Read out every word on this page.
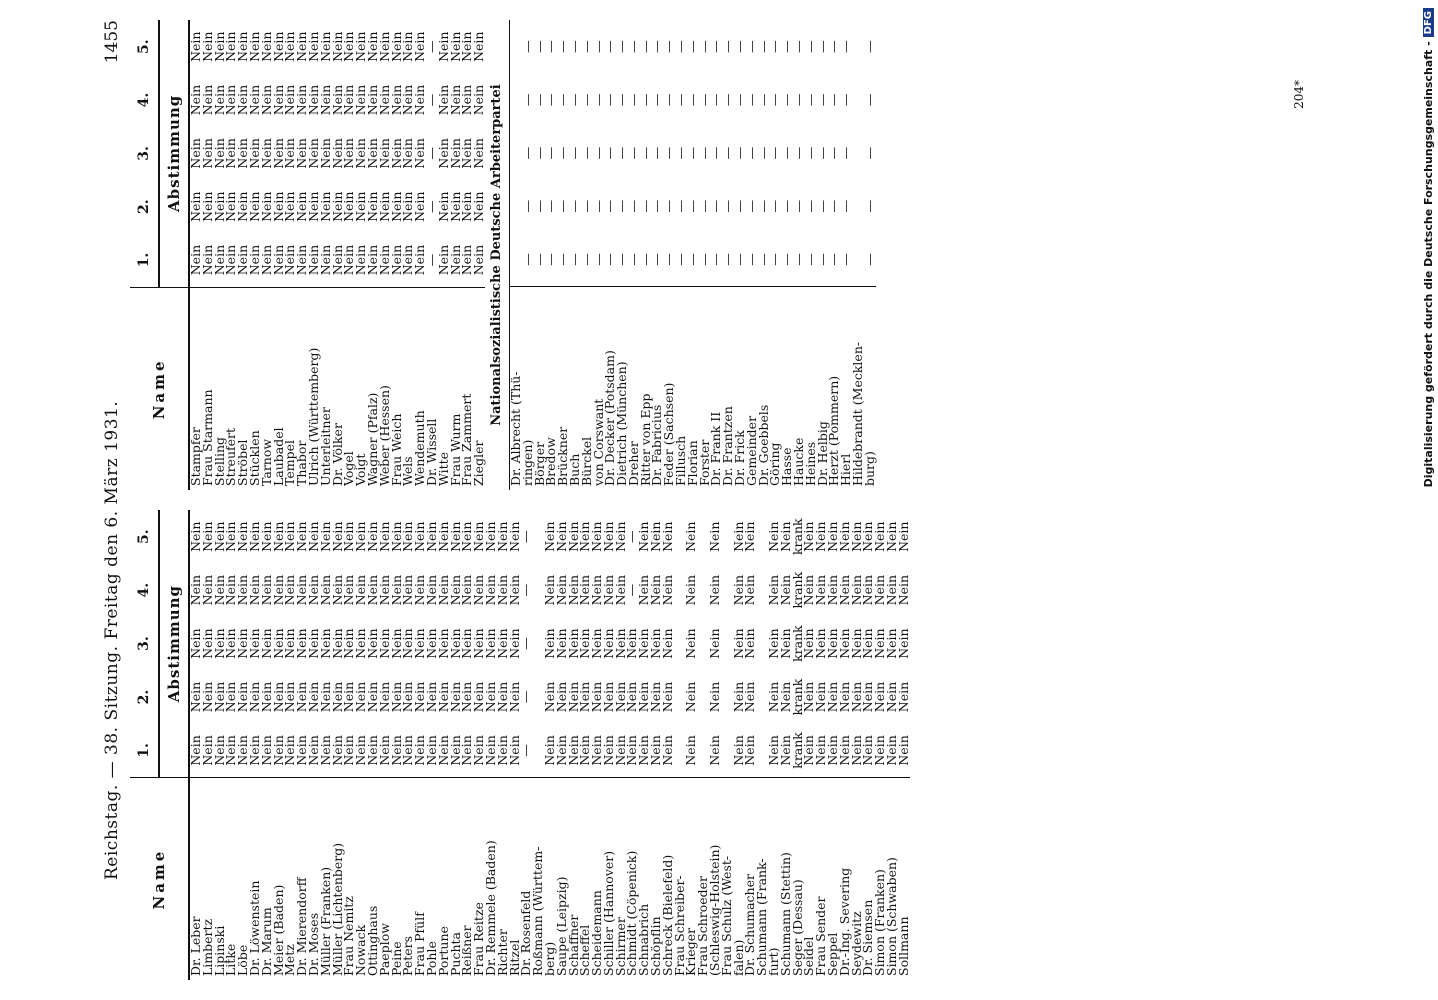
Reichstag. — 38. Sitzung. Freitag den 6. März 1931.
1455
Name	1.	2.	3.	4.	5.
	Abstimmung				
Dr. Leber	Nein	Nein	Nein	Nein	Nein
Limbertz	Nein	Nein	Nein	Nein	Nein
Lipinski	Nein	Nein	Nein	Nein	Nein
Litke	Nein	Nein	Nein	Nein	Nein
Löbe	Nein	Nein	Nein	Nein	Nein
Dr. Löwenstein	Nein	Nein	Nein	Nein	Nein
Dr. Marum	Nein	Nein	Nein	Nein	Nein
Meier (Baden)	Nein	Nein	Nein	Nein	Nein
Metz	Nein	Nein	Nein	Nein	Nein
Dr. Mierendorff	Nein	Nein	Nein	Nein	Nein
Dr. Moses	Nein	Nein	Nein	Nein	Nein
Müller (Franken)	Nein	Nein	Nein	Nein	Nein
Müller (Lichtenberg)	Nein	Nein	Nein	Nein	Nein
Frau Nemitz	Nein	Nein	Nein	Nein	Nein
Nowack	Nein	Nein	Nein	Nein	Nein
Ottinghaus	Nein	Nein	Nein	Nein	Nein
Paeplow	Nein	Nein	Nein	Nein	Nein
Peine	Nein	Nein	Nein	Nein	Nein
Peters	Nein	Nein	Nein	Nein	Nein
Frau Pfülf	Nein	Nein	Nein	Nein	Nein
Pohle	Nein	Nein	Nein	Nein	Nein
Portune	Nein	Nein	Nein	Nein	Nein
Puchta	Nein	Nein	Nein	Nein	Nein
Reißner	Nein	Nein	Nein	Nein	Nein
Frau Reitze	Nein	Nein	Nein	Nein	Nein
Dr. Remmele (Baden)	Nein	Nein	Nein	Nein	Nein
Richter	Nein	Nein	Nein	Nein	Nein
Ritzel	Nein	Nein	Nein	Nein	Nein
Dr. Rosenfeld	—	—	—	—	—
Roßmann (Württem-					
berg)	Nein	Nein	Nein	Nein	Nein
Saupe (Leipzig)	Nein	Nein	Nein	Nein	Nein
Schaffner	Nein	Nein	Nein	Nein	Nein
Scheffel	Nein	Nein	Nein	Nein	Nein
Scheidemann	Nein	Nein	Nein	Nein	Nein
Schiller (Hannover)	Nein	Nein	Nein	Nein	Nein
Schirmer	Nein	Nein	Nein	Nein	Nein
Schmidt (Cöpenick)	Nein	Nein	Nein	—	—
Schnabrich	Nein	Nein	Nein	Nein	Nein
Schöpflin	Nein	Nein	Nein	Nein	Nein
Schreck (Bielefeld)	Nein	Nein	Nein	Nein	Nein
Frau Schreiber-					
Krieger	Nein	Nein	Nein	Nein	Nein
Frau Schroeder					
(Schleswig-Holstein)	Nein	Nein	Nein	Nein	Nein
Frau Schulz (West-					
falen)	Nein	Nein	Nein	Nein	Nein
Dr. Schumacher	Nein	Nein	Nein	Nein	Nein
Schumann (Frank-					
furt)	Nein	Nein	Nein	Nein	Nein
Schumann (Stettin)	Nein	Nein	Nein	Nein	Nein
Seger (Dessau)	krank	krank	krank	krank	krank
Seidel	Nein	Nein	Nein	Nein	Nein
Frau Sender	Nein	Nein	Nein	Nein	Nein
Seppel	Nein	Nein	Nein	Nein	Nein
Dr.-Ing. Severing	Nein	Nein	Nein	Nein	Nein
Seydewitz	Nein	Nein	Nein	Nein	Nein
Dr. Siemsen	Nein	Nein	Nein	Nein	Nein
Simon (Franken)	Nein	Nein	Nein	Nein	Nein
Simon (Schwaben)	Nein	Nein	Nein	Nein	Nein
Sollmann	Nein	Nein	Nein	Nein	Nein
Name	1.	2.	3.	4.	5.
	Abstimmung				
Stampfer	Nein	Nein	Nein	Nein	Nein
Frau Starmann	Nein	Nein	Nein	Nein	Nein
Stelling	Nein	Nein	Nein	Nein	Nein
Streufert	Nein	Nein	Nein	Nein	Nein
Ströbel	Nein	Nein	Nein	Nein	Nein
Stücklen	Nein	Nein	Nein	Nein	Nein
Tarnow	Nein	Nein	Nein	Nein	Nein
Laubadel	Nein	Nein	Nein	Nein	Nein
Tempel	Nein	Nein	Nein	Nein	Nein
Thabor	Nein	Nein	Nein	Nein	Nein
Ulrich (Württemberg)	Nein	Nein	Nein	Nein	Nein
Unterleitner	Nein	Nein	Nein	Nein	Nein
Dr. Völker	Nein	Nein	Nein	Nein	Nein
Vogel	Nein	Nein	Nein	Nein	Nein
Voigt	Nein	Nein	Nein	Nein	Nein
Wagner (Pfalz)	Nein	Nein	Nein	Nein	Nein
Weber (Hessen)	Nein	Nein	Nein	Nein	Nein
Frau Weich	Nein	Nein	Nein	Nein	Nein
Wels	Nein	Nein	Nein	Nein	Nein
Wendemuth	Nein	Nein	Nein	Nein	Nein
Dr. Wissell	—	—	—	—	—
Witte	Nein	Nein	Nein	Nein	Nein
Frau Wurm	Nein	Nein	Nein	Nein	Nein
Frau Zammert	Nein	Nein	Nein	Nein	Nein
Ziegler	Nein	Nein	Nein	Nein	Nein
Nationalsozialistische Deutsche Arbeiterpartei
Dr. Albrecht (Thü-					
ringen)	—	—	—	—	—
Börger	—	—	—	—	—
Bredow	—	—	—	—	—
Brückner	—	—	—	—	—
Buch	—	—	—	—	—
Bürckel	—	—	—	—	—
von Corswant	—	—	—	—	—
Dr. Decker (Potsdam)	—	—	—	—	—
Dietrich (München)	—	—	—	—	—
Dreher	—	—	—	—	—
Ritter von Epp	—	—	—	—	—
Dr. Fabricius	—	—	—	—	—
Feder (Sachsen)	—	—	—	—	—
Fillusch	—	—	—	—	—
Florian	—	—	—	—	—
Forster	—	—	—	—	—
Dr. Frank II	—	—	—	—	—
Dr. Frantzen	—	—	—	—	—
Dr. Frick	—	—	—	—	—
Gemeinder	—	—	—	—	—
Dr. Goebbels	—	—	—	—	—
Göring	—	—	—	—	—
Hasse	—	—	—	—	—
Haucke	—	—	—	—	—
Heines	—	—	—	—	—
Dr. Helbig	—	—	—	—	—
Herzt (Pommern)	—	—	—	—	—
Hierl	—	—	—	—	—
Hildebrandt (Mecklen-					
burg)	—	—	—	—	—
204*	Digitalisierung gefördert durch die Deutsche Forschungsgemeinschaft -
DFG
